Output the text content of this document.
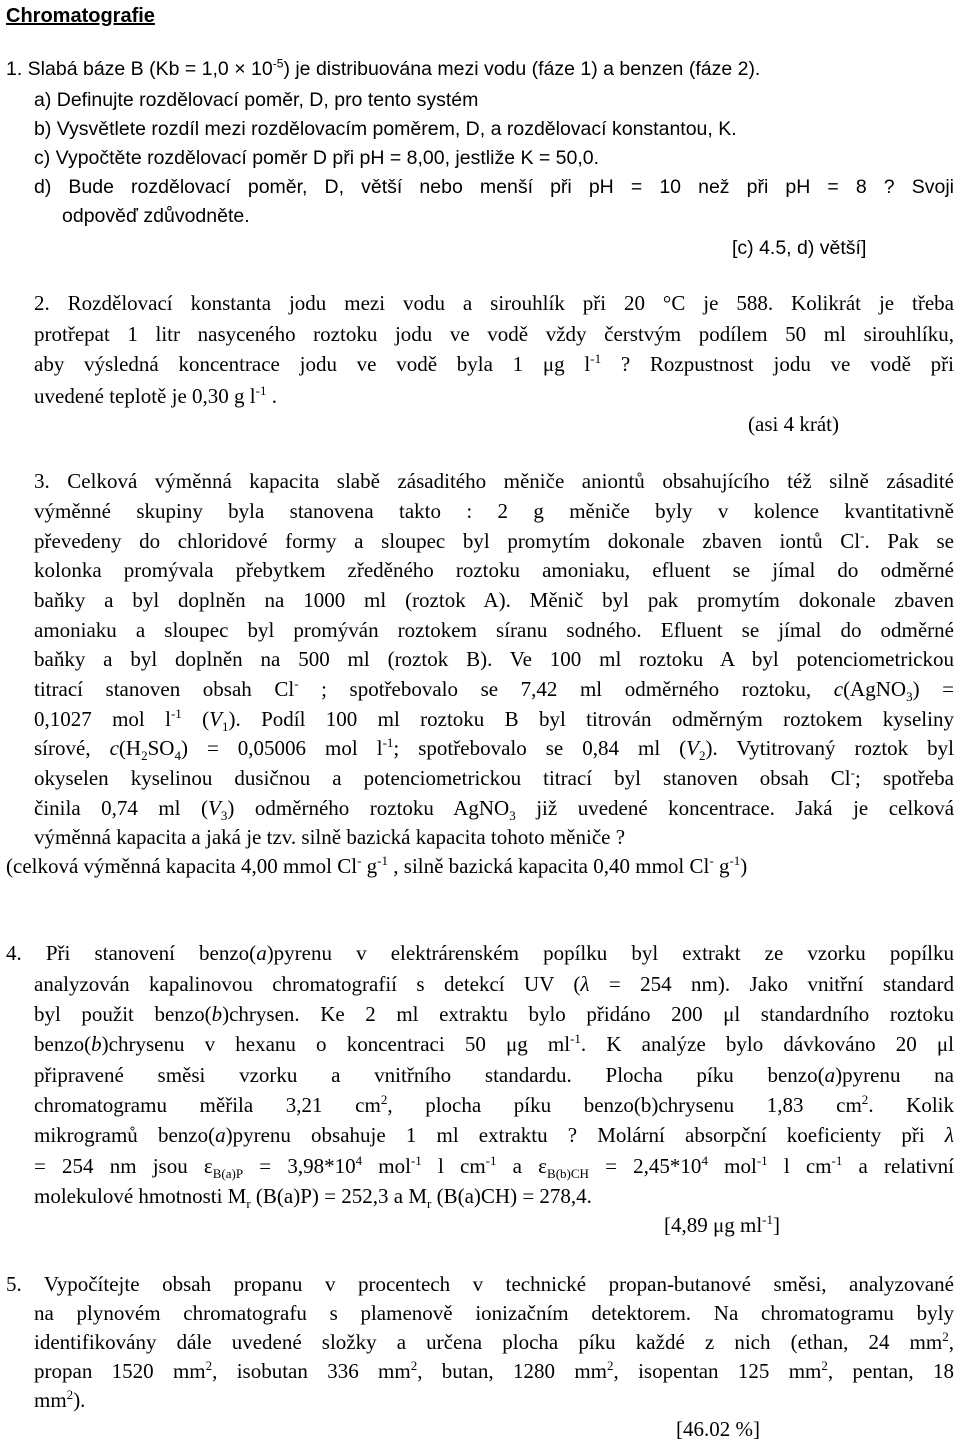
Chromatografie
1. Slabá báze B $(Kb = 1,0 \times 10^{-5})$ je distribuována mezi vodu (fáze 1) a benzen (fáze 2).
a) Definujte rozdělovací poměr, D, pro tento systém
b) Vysvětlete rozdíl mezi rozdělovacím poměrem, D, a rozdělovací konstantou, K.
c) Vypočtěte rozdělovací poměr D při pH = 8,00, jestliže K = 50,0.
d) Bude rozdělovací poměr, D, větší nebo menší při pH = 10 než při pH = 8 ? Svoji
odpověď zdůvodněte.
[c) 4.5, d) větší]
2. Rozdělovací konstanta jodu mezi vodu a sirouhlík při 20 °C je 588. Kolikrát je třeba
protřepat 1 litr nasyceného roztoku jodu ve vodě vždy čerstvým podílem 50 ml sirouhlíku,
aby výsledná koncentrace jodu ve vodě byla 1 μg $l^{-1}$ ? Rozpustnost jodu ve vodě při
uvedené teplotě je 0,30 g $l^{-1}$ .
(asi 4 krát)
3. Celková výměnná kapacita slabě zásaditého měniče aniontů obsahujícího též silně zásadité
výměnné skupiny byla stanovena takto : 2 g měniče byly v kolence kvantitativně
převedeny do chloridové formy a sloupec byl promytím dokonale zbaven iontů Cl-. Pak se
kolonka promývala přebytkem zředěného roztoku amoniaku, efluent se jímal do odměrné
baňky a byl doplněn na 1000 ml (roztok A). Měnič byl pak promytím dokonale zbaven
amoniaku a sloupec byl promýván roztokem síranu sodného. Efluent se jímal do odměrné
baňky a byl doplněn na 500 ml (roztok B). Ve 100 ml roztoku A byl potenciometrickou
titrací stanoven obsah Cl- ; spotřebovalo se 7,42 ml odměrného roztoku, c(AgNO$_3$) =
0,1027 mol $l^{-1}$ $(V_1)$. Podíl 100 ml roztoku B byl titrován odměrným roztokem kyseliny
sírové, $c(H_2SO_4) = 0,05006$ mol $l^{-1}$; spotřebovalo se 0,84 ml $(V_2)$. Vytitrovaný roztok byl
okyselen kyselinou dusičnou a potenciometrickou titrací byl stanoven obsah Cl-; spotřeba
činila 0,74 ml $(V_3)$ odměrného roztoku AgNO$_3$ již uvedené koncentrace. Jaká je celková
výměnná kapacita a jaká je tzv. silně bazická kapacita tohoto měniče ?
(celková výměnná kapacita 4,00 mmol Cl- $g^{-1}$ , silně bazická kapacita 0,40 mmol Cl- $g^{-1}$)
4. Při stanovení benzo(a)pyrenu v elektrárenském popílku byl extrakt ze vzorku popílku
analyzován kapalinovou chromatografií s detekcí UV (λ = 254 nm). Jako vnitřní standard
byl použit benzo(b)chrysen. Ke 2 ml extraktu bylo přidáno 200 μl standardního roztoku
benzo(b)chrysenu v hexanu o koncentraci 50 μg $ml^{-1}$. K analýze bylo dávkováno 20 μl
připravené směsi vzorku a vnitřního standardu. Plocha píku benzo(a)pyrenu na
chromatogramu měřila 3,21 $cm^2$, plocha píku benzo(b)chrysenu 1,83 $cm^2$. Kolik
mikrogramů benzo(a)pyrenu obsahuje 1 ml extraktu ? Molární absorpční koeficienty při λ
= 254 nm jsou $\varepsilon_{B(a)P} = 3,98*10^4$ mol$^{-1}$ l $cm^{-1}$ a $\varepsilon_{B(b)CH} = 2,45*10^4$ mol$^{-1}$ l $cm^{-1}$ a relativní
molekulové hmotnosti $M_r$ (B(a)P) = 252,3 a $M_r$ (B(a)CH) = 278,4.
[4,89 μg $ml^{-1}$]
5. Vypočítejte obsah propanu v procentech v technické propan-butanové směsi, analyzované
na plynovém chromatografu s plamenově ionizačním detektorem. Na chromatogramu byly
identifikovány dále uvedené složky a určena plocha píku každé z nich (ethan, 24 $mm^2$,
propan 1520 $mm^2$, isobutan 336 $mm^2$, butan, 1280 $mm^2$, isopentan 125 $mm^2$, pentan, 18
$mm^2$).
[46.02 %]
